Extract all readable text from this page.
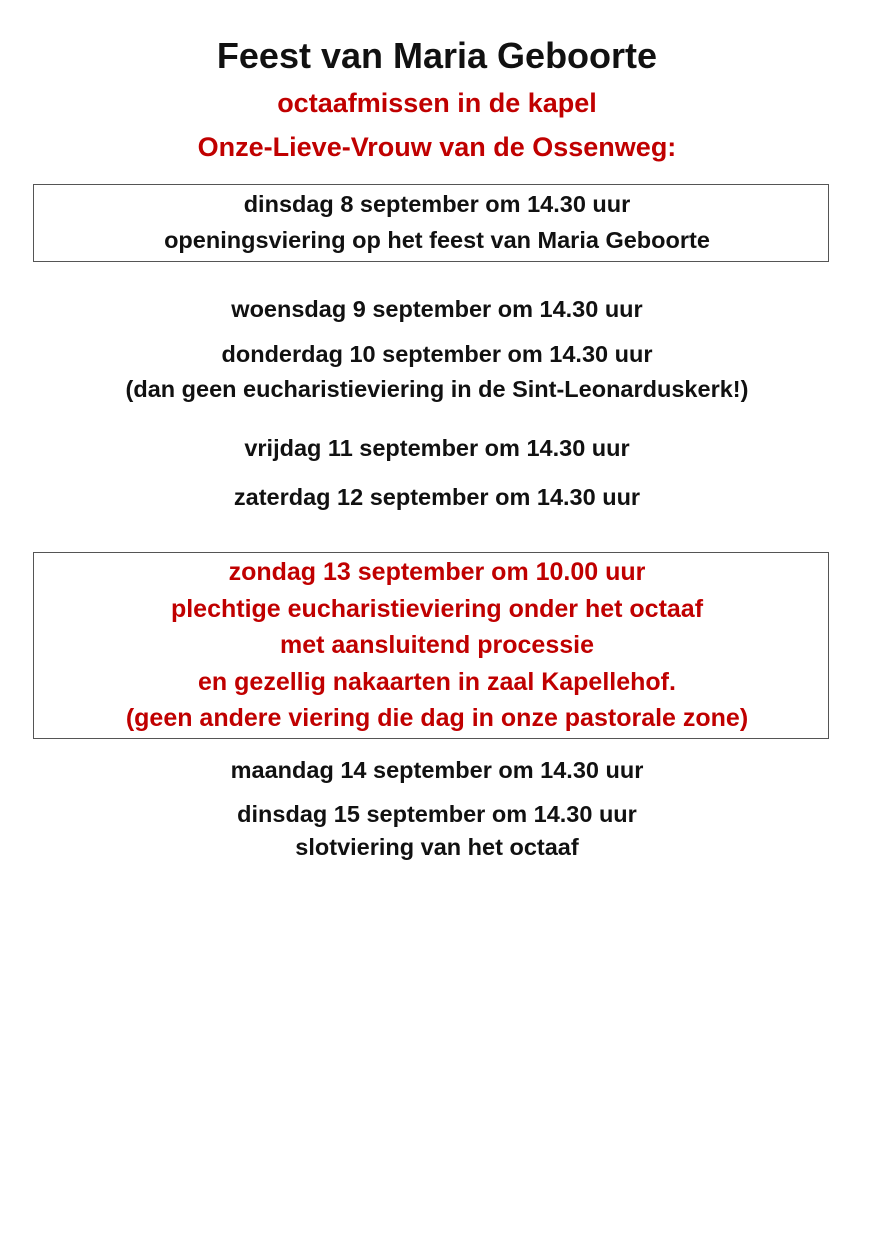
Feest van Maria Geboorte
octaafmissen in de kapel
Onze-Lieve-Vrouw van de Ossenweg:
dinsdag 8 september om 14.30 uur
openingsviering op het feest van Maria Geboorte
woensdag 9 september om 14.30 uur
donderdag 10 september om 14.30 uur
(dan geen eucharistieviering in de Sint-Leonarduskerk!)
vrijdag 11 september om 14.30 uur
zaterdag 12 september om 14.30 uur
zondag 13 september om 10.00 uur
plechtige eucharistieviering onder het octaaf
met aansluitend processie
en gezellig nakaarten in zaal Kapellehof.
(geen andere viering die dag in onze pastorale zone)
maandag 14 september om 14.30 uur
dinsdag 15 september om 14.30 uur
slotviering van het octaaf
